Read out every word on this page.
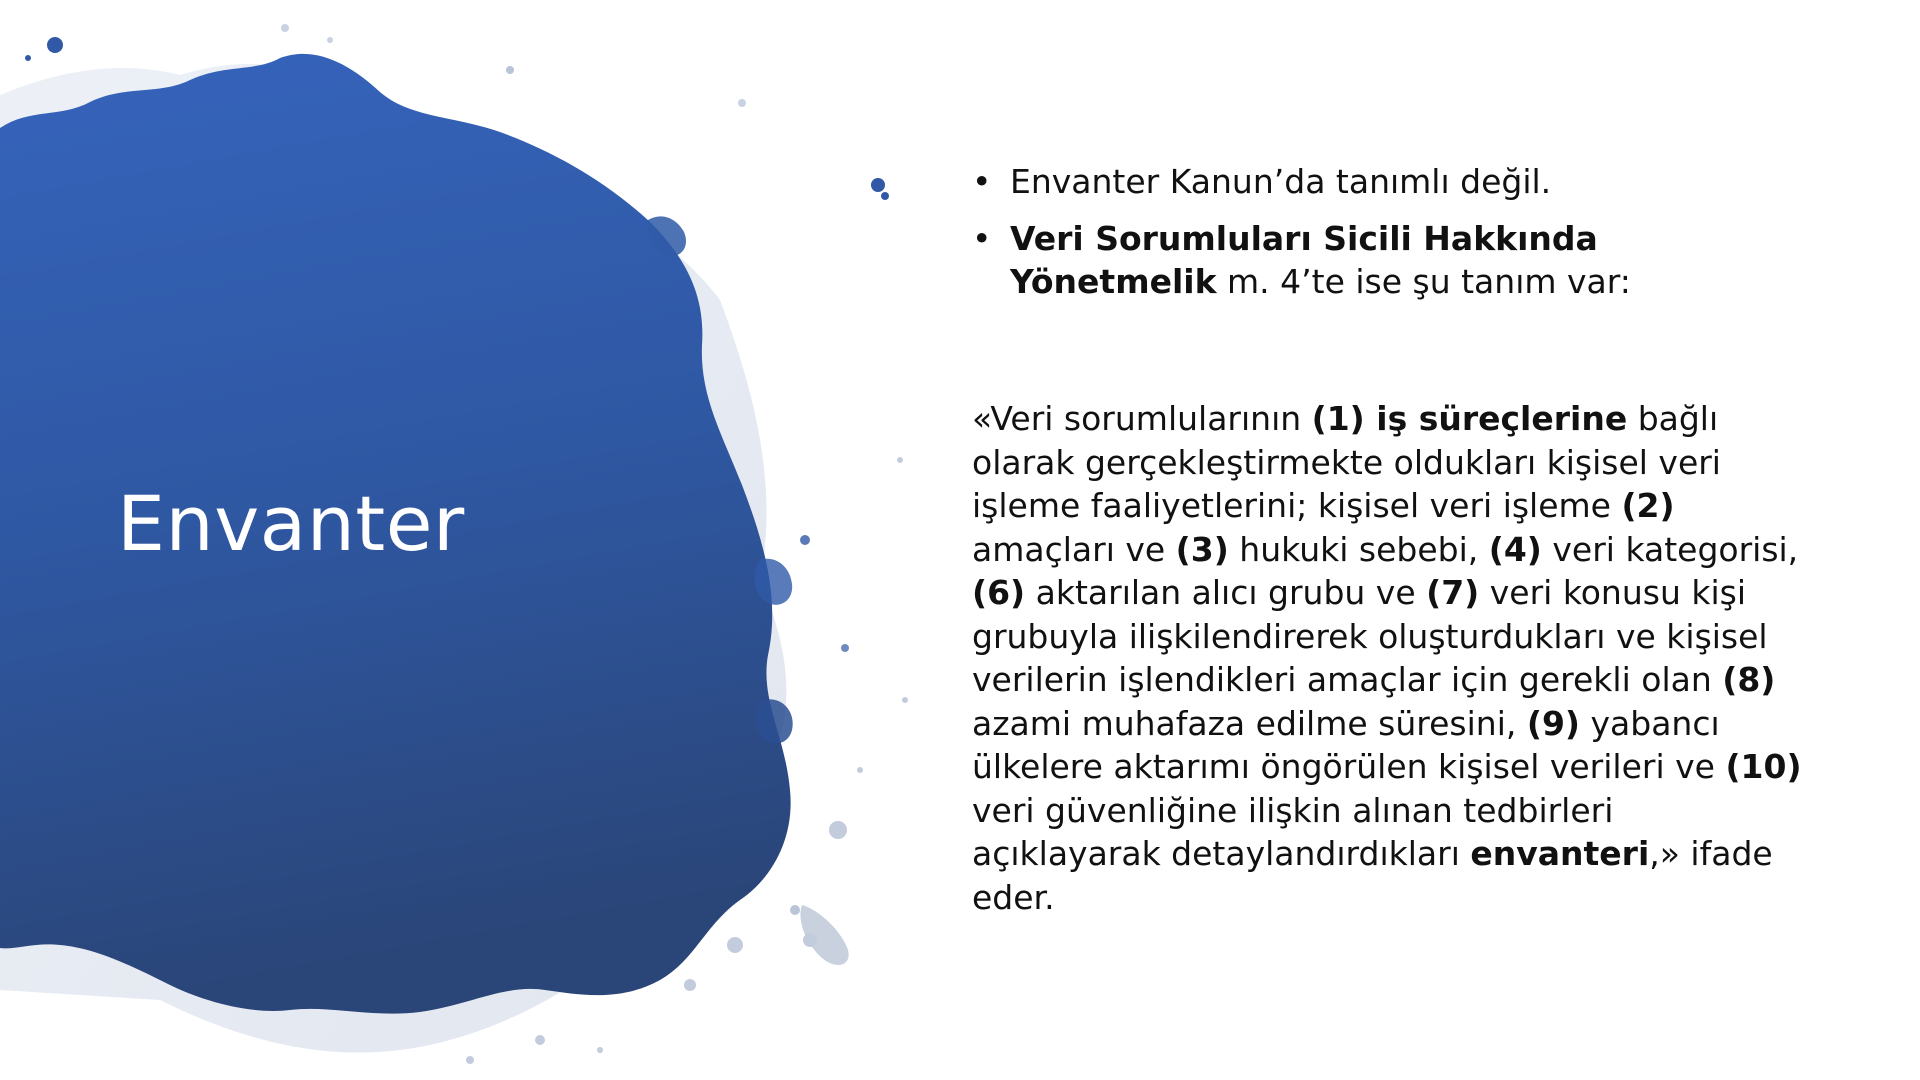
Envanter
• Envanter Kanun’da tanımlı değil.
• Veri Sorumluları Sicili Hakkında Yönetmelik m. 4’te ise şu tanım var:

«Veri sorumlularının (1) iş süreçlerine bağlı olarak gerçekleştirmekte oldukları kişisel veri işleme faaliyetlerini; kişisel veri işleme (2) amaçları ve (3) hukuki sebebi, (4) veri kategorisi, (6) aktarılan alıcı grubu ve (7) veri konusu kişi grubuyla ilişkilendirerek oluşturdukları ve kişisel verilerin işlendikleri amaçlar için gerekli olan (8) azami muhafaza edilme süresini, (9) yabancı ülkelere aktarımı öngörülen kişisel verileri ve (10) veri güvenliğine ilişkin alınan tedbirleri açıklayarak detaylandırdıkları envanteri,» ifade eder.
